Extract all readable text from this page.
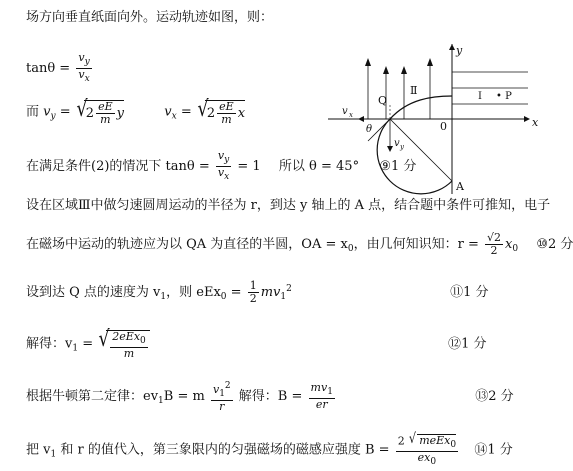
场方向垂直纸面向外。运动轨迹如图，则：
$\tan\theta = \frac{v_y}{v_x}$
而 $v_y$ = √
$2 \frac{eE}{m}$ y	$v_x$ = √
$2 \frac{eE}{m}$ x
在满足条件(2)的情况下 $\tan\theta = \frac{v_y}{v_x} = 1$ 所以 θ = 45° ⑨1 分
设在区域Ⅲ中做匀速圆周运动的半径为 r，到达 y 轴上的 A 点，结合题中条件可推知，电子
在磁场中运动的轨迹应为以 QA 为直径的半圆，OA = $x_0$，由几何知识知：$r = \frac{√2}{2} x_0$ ⑩2 分
设到达 Q 点的速度为 $v_1$，则 $eEx_0 = \frac{1}{2} mv_1^2$	⑪1 分
解得：$v_1$ = √ $\frac{2eEx_0}{m}$	⑫1 分
根据牛顿第二定律：$ev_1B = m \frac{v_1^2}{r}$ 解得：$B = \frac{mv_1}{er}$	⑬2 分
把 $v_1$ 和 r 的值代入，第三象限内的匀强磁场的磁感应强度 $B = \frac{2 √ meEx_0}{ex_0}$ ⑭1 分
y
x
0
I • P
Ⅱ
Q
A
v x
v y
θ
